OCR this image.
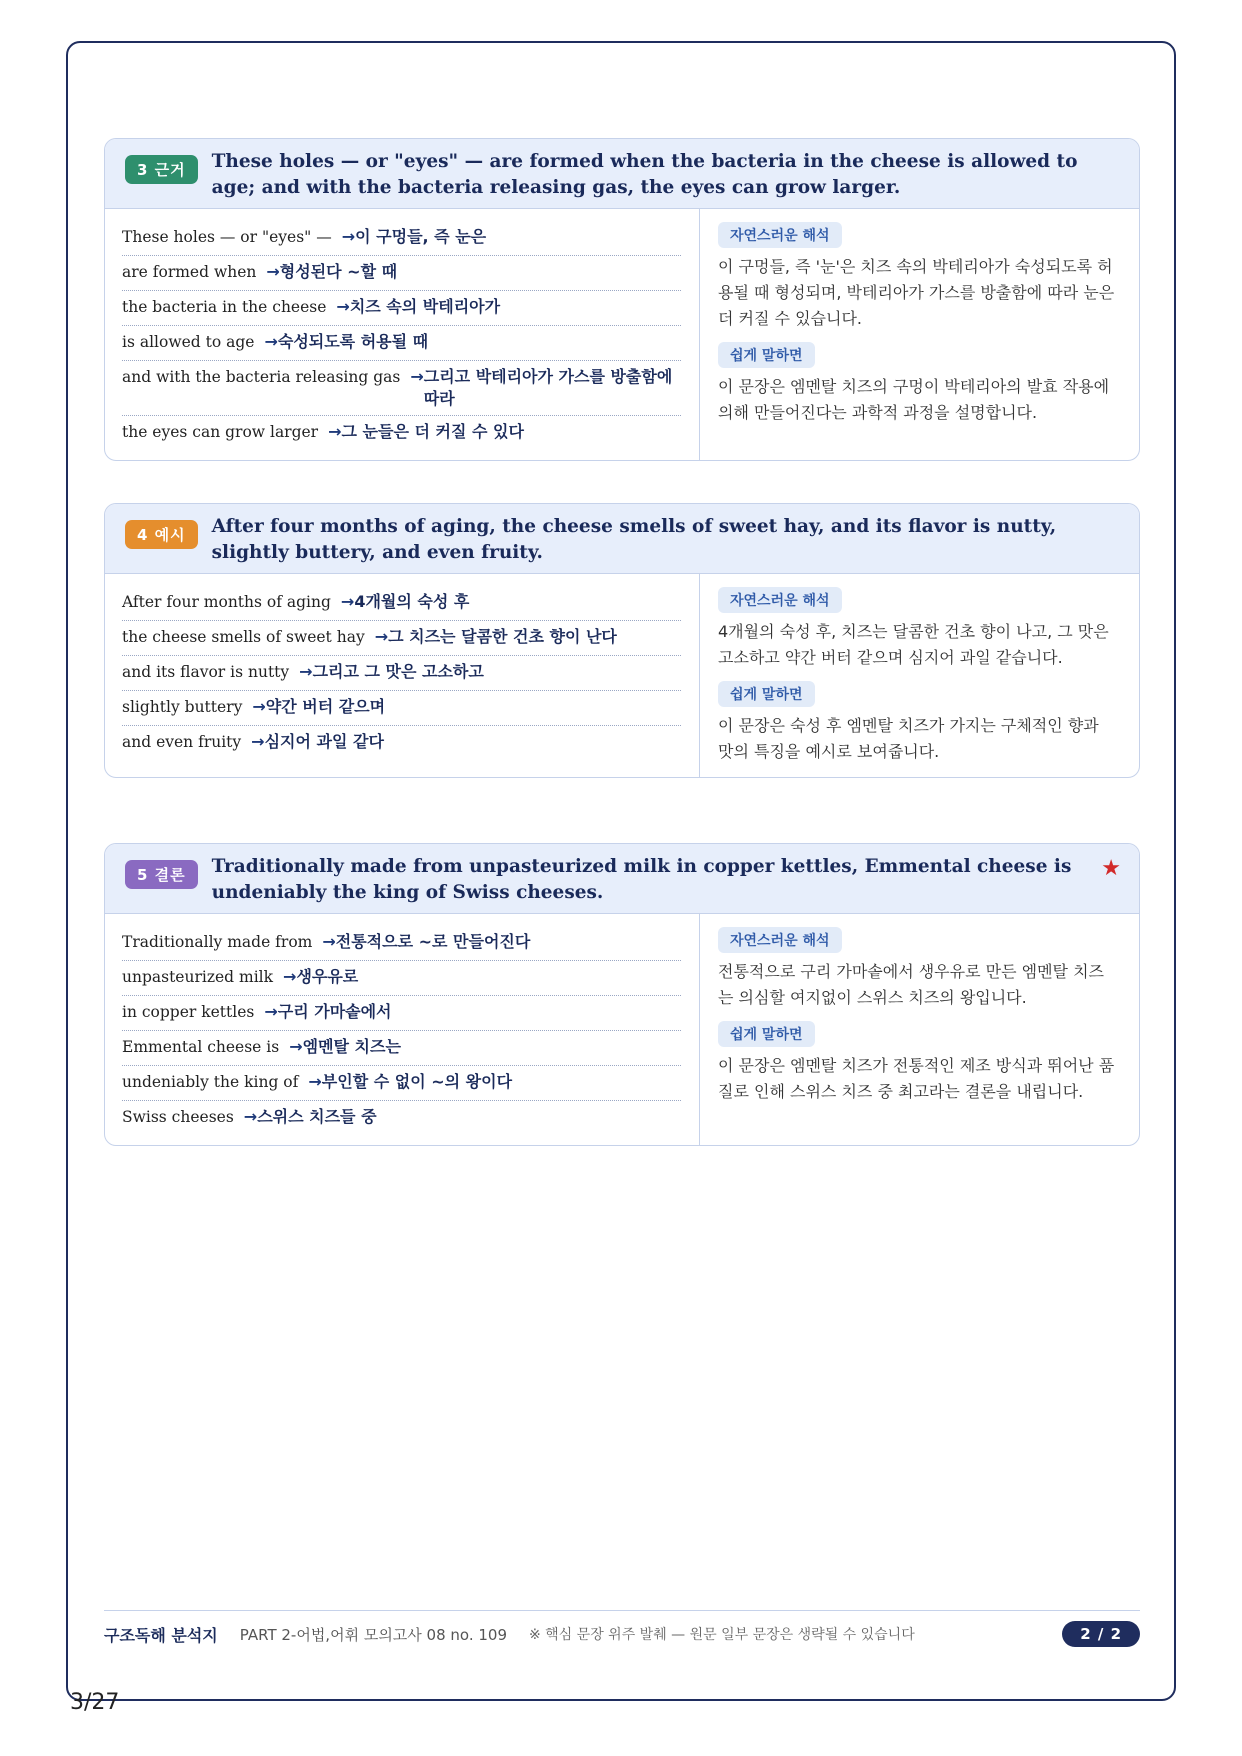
3 근거	These holes — or "eyes" — are formed when the bacteria in the cheese is allowed to age; and with the bacteria releasing gas, the eyes can grow larger.
These holes — or "eyes" — → 이 구멍들, 즉 눈은
are formed when → 형성된다 ~할 때
the bacteria in the cheese → 치즈 속의 박테리아가
is allowed to age → 숙성되도록 허용될 때
and with the bacteria releasing gas → 그리고 박테리아가 가스를 방출함에 따라
the eyes can grow larger → 그 눈들은 더 커질 수 있다
자연스러운 해석
이 구멍들, 즉 '눈'은 치즈 속의 박테리아가 숙성되도록 허용될 때 형성되며, 박테리아가 가스를 방출함에 따라 눈은 더 커질 수 있습니다.
쉽게 말하면
이 문장은 엠멘탈 치즈의 구멍이 박테리아의 발효 작용에 의해 만들어진다는 과학적 과정을 설명합니다.
4 예시	After four months of aging, the cheese smells of sweet hay, and its flavor is nutty, slightly buttery, and even fruity.
After four months of aging → 4개월의 숙성 후
the cheese smells of sweet hay → 그 치즈는 달콤한 건초 향이 난다
and its flavor is nutty → 그리고 그 맛은 고소하고
slightly buttery → 약간 버터 같으며
and even fruity → 심지어 과일 같다
자연스러운 해석
4개월의 숙성 후, 치즈는 달콤한 건초 향이 나고, 그 맛은 고소하고 약간 버터 같으며 심지어 과일 같습니다.
쉽게 말하면
이 문장은 숙성 후 엠멘탈 치즈가 가지는 구체적인 향과 맛의 특징을 예시로 보여줍니다.
5 결론	Traditionally made from unpasteurized milk in copper kettles, Emmental cheese is undeniably the king of Swiss cheeses.
★
Traditionally made from → 전통적으로 ~로 만들어진다
unpasteurized milk → 생우유로
in copper kettles → 구리 가마솥에서
Emmental cheese is → 엠멘탈 치즈는
undeniably the king of → 부인할 수 없이 ~의 왕이다
Swiss cheeses → 스위스 치즈들 중
자연스러운 해석
전통적으로 구리 가마솥에서 생우유로 만든 엠멘탈 치즈는 의심할 여지없이 스위스 치즈의 왕입니다.
쉽게 말하면
이 문장은 엠멘탈 치즈가 전통적인 제조 방식과 뛰어난 품질로 인해 스위스 치즈 중 최고라는 결론을 내립니다.
구조독해 분석지 PART 2-어법,어휘 모의고사 08 no. 109 ※ 핵심 문장 위주 발췌 — 원문 일부 문장은 생략될 수 있습니다	2 / 2
3/27
